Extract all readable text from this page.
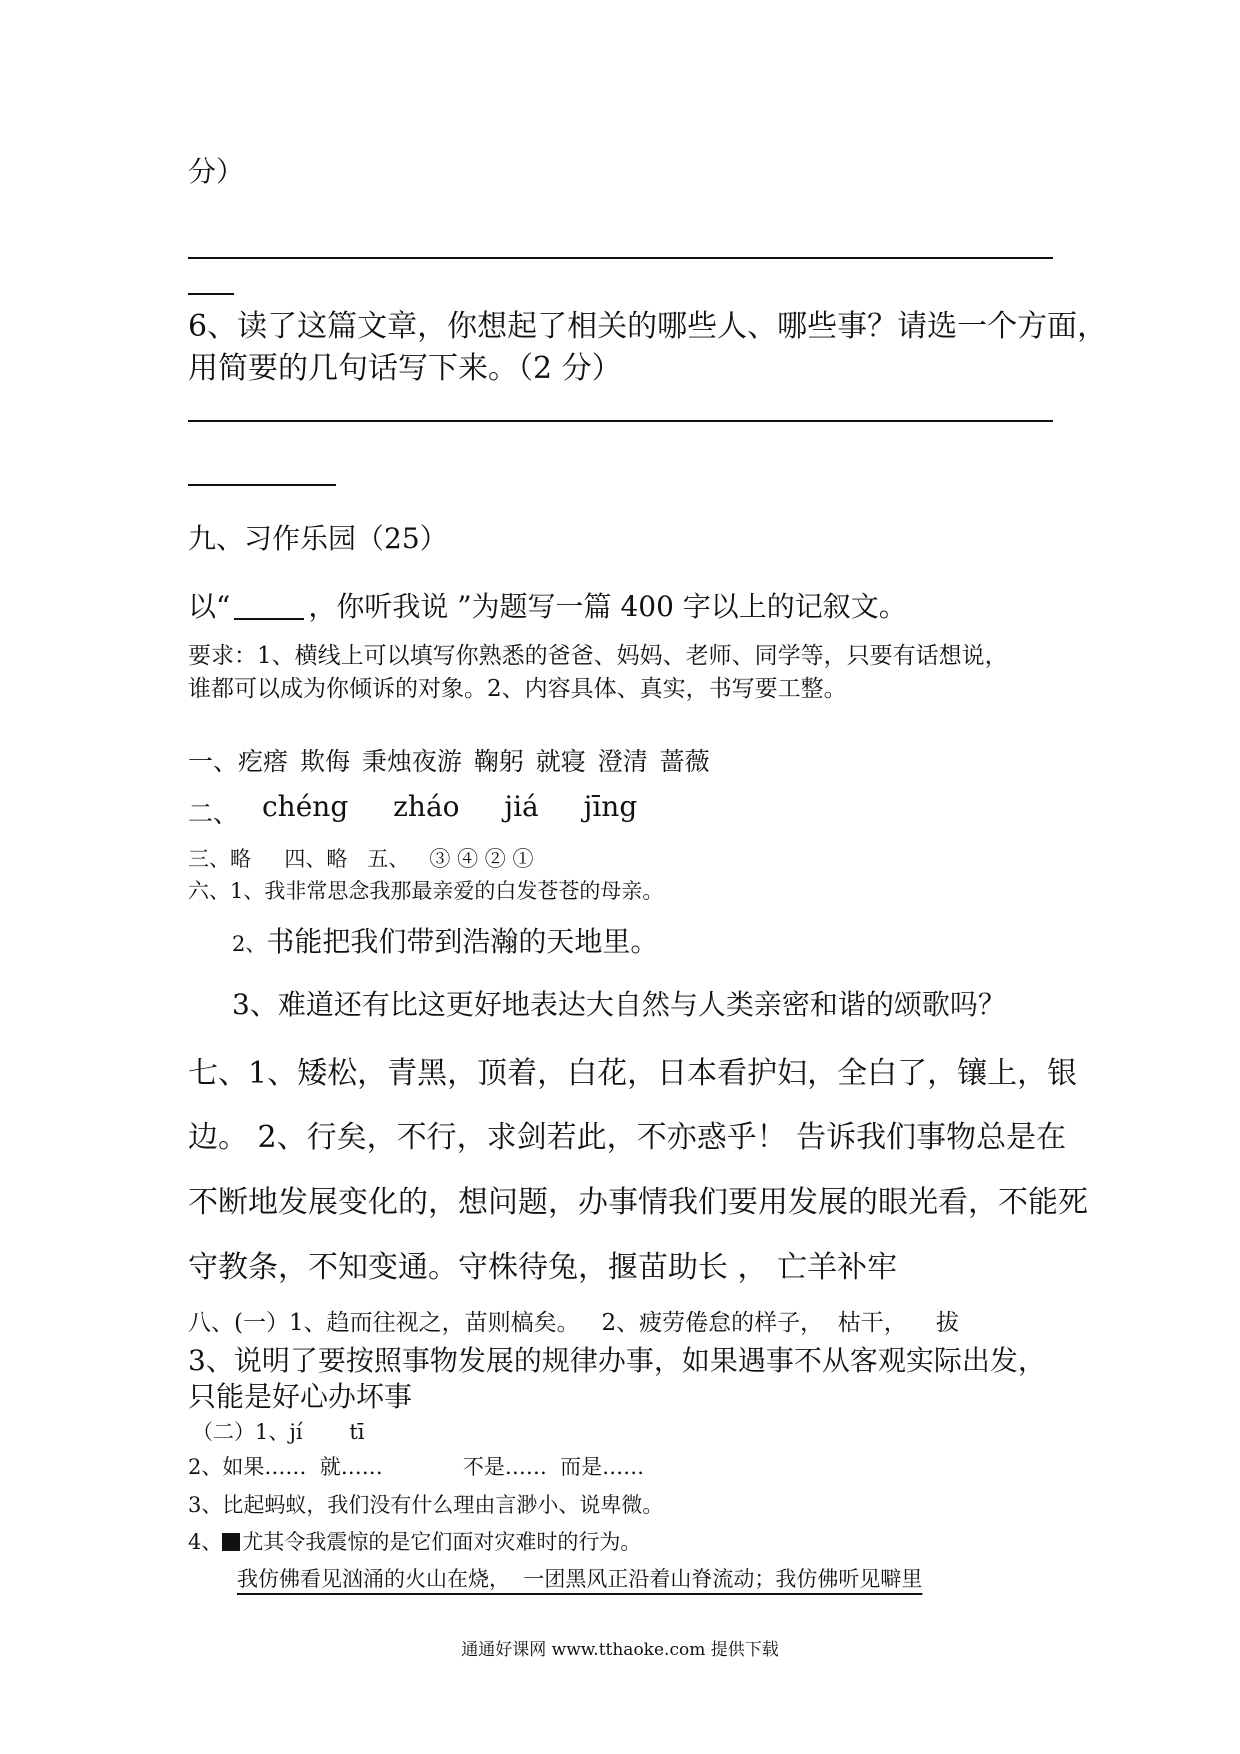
分）

6、读了这篇文章，你想起了相关的哪些人、哪些事？请选一个方面，

用简要的几句话写下来。（2 分）

九、习作乐园（25）

以“	，你听我说 ”为题写一篇 400 字以上的记叙文。

要求：1、横线上可以填写你熟悉的爸爸、妈妈、老师、同学等，只要有话想说，

谁都可以成为你倾诉的对象。2、内容具体、真实，书写要工整。

一、疙瘩 欺侮 秉烛夜游 鞠躬 就寝 澄清 蔷薇

二、 chéng zháo jiá jīng

三、略     四、略   五、   ③ ④ ② ①

六、1、我非常思念我那最亲爱的白发苍苍的母亲。

2、书能把我们带到浩瀚的天地里。

3、难道还有比这更好地表达大自然与人类亲密和谐的颂歌吗？

七、1、矮松，青黑，顶着，白花，日本看护妇，全白了，镶上，银

边。 2、行矣，不行，求剑若此，不亦惑乎！ 告诉我们事物总是在

不断地发展变化的，想问题，办事情我们要用发展的眼光看，不能死

守教条，不知变通。守株待兔，揠苗助长 ， 亡羊补牢

八、(一）1、趋而往视之，苗则槁矣。   2、疲劳倦怠的样子，  枯干，    拔

3、说明了要按照事物发展的规律办事，如果遇事不从客观实际出发，

只能是好心办坏事

（二）1、jí       tī

2、如果……  就……            不是……  而是……

3、比起蚂蚁，我们没有什么理由言渺小、说卑微。

4、 尤其令我震惊的是它们面对灾难时的行为。

我仿佛看见汹涌的火山在烧，  一团黑风正沿着山脊流动；我仿佛听见噼里

通通好课网 www.tthaoke.com 提供下载
